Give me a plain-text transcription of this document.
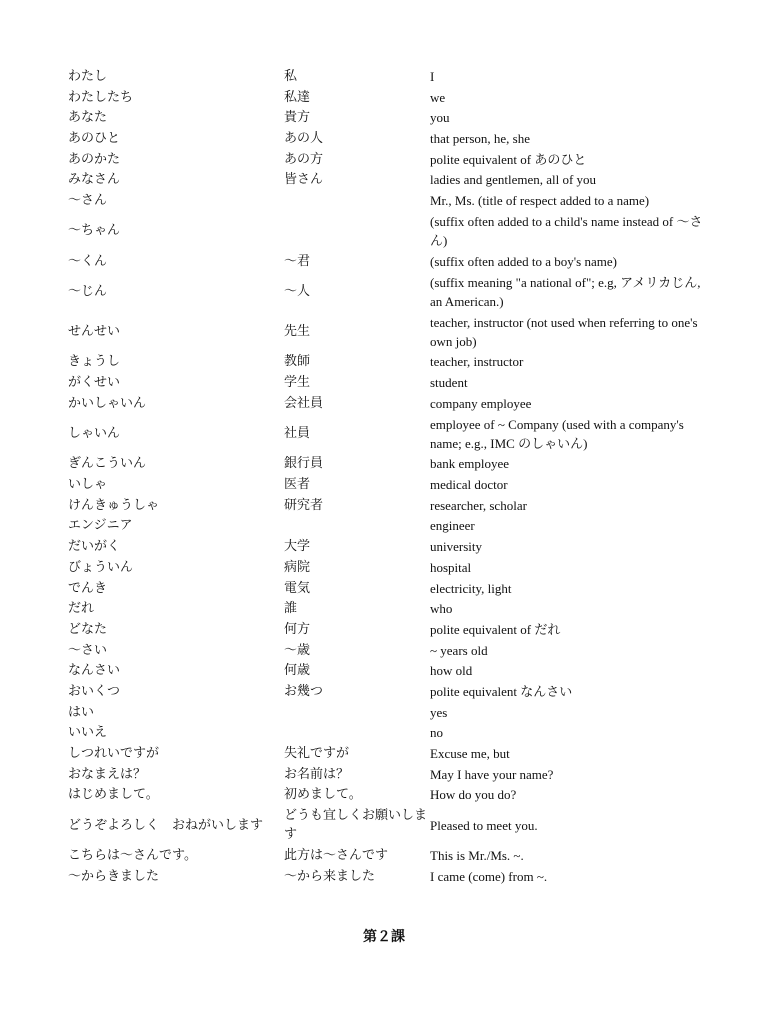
わたし	私	I
わたしたち	私達	we
あなた	貴方	you
あのひと	あの人	that person, he, she
あのかた	あの方	polite equivalent of あのひと
みなさん	皆さん	ladies and gentlemen, all of you
～さん		Mr., Ms. (title of respect added to a name)
～ちゃん		(suffix often added to a child's name instead of ～さん)
～くん	～君	(suffix often added to a boy's name)
～じん	～人	(suffix meaning "a national of"; e.g, アメリカじん, an American.)
せんせい	先生	teacher, instructor (not used when referring to one's own job)
きょうし	教師	teacher, instructor
がくせい	学生	student
かいしゃいん	会社員	company employee
しゃいん	社員	employee of ~ Company (used with a company's name; e.g., IMC のしゃいん)
ぎんこういん	銀行員	bank employee
いしゃ	医者	medical doctor
けんきゅうしゃ	研究者	researcher, scholar
エンジニア		engineer
だいがく	大学	university
びょういん	病院	hospital
でんき	電気	electricity, light
だれ	誰	who
どなた	何方	polite equivalent of だれ
～さい	～歳	~ years old
なんさい	何歳	how old
おいくつ	お幾つ	polite equivalent なんさい
はい		yes
いいえ		no
しつれいですが	失礼ですが	Excuse me, but
おなまえは？	お名前は？	May I have your name?
はじめまして。	初めまして。	How do you do?
どうぞよろしく　おねがいします	どうも宜しくお願いします	Pleased to meet you.
こちらは～さんです。	此方は～さんです	This is Mr./Ms. ~.
～からきました	～から来ました	I came (come) from ~.
第２課
